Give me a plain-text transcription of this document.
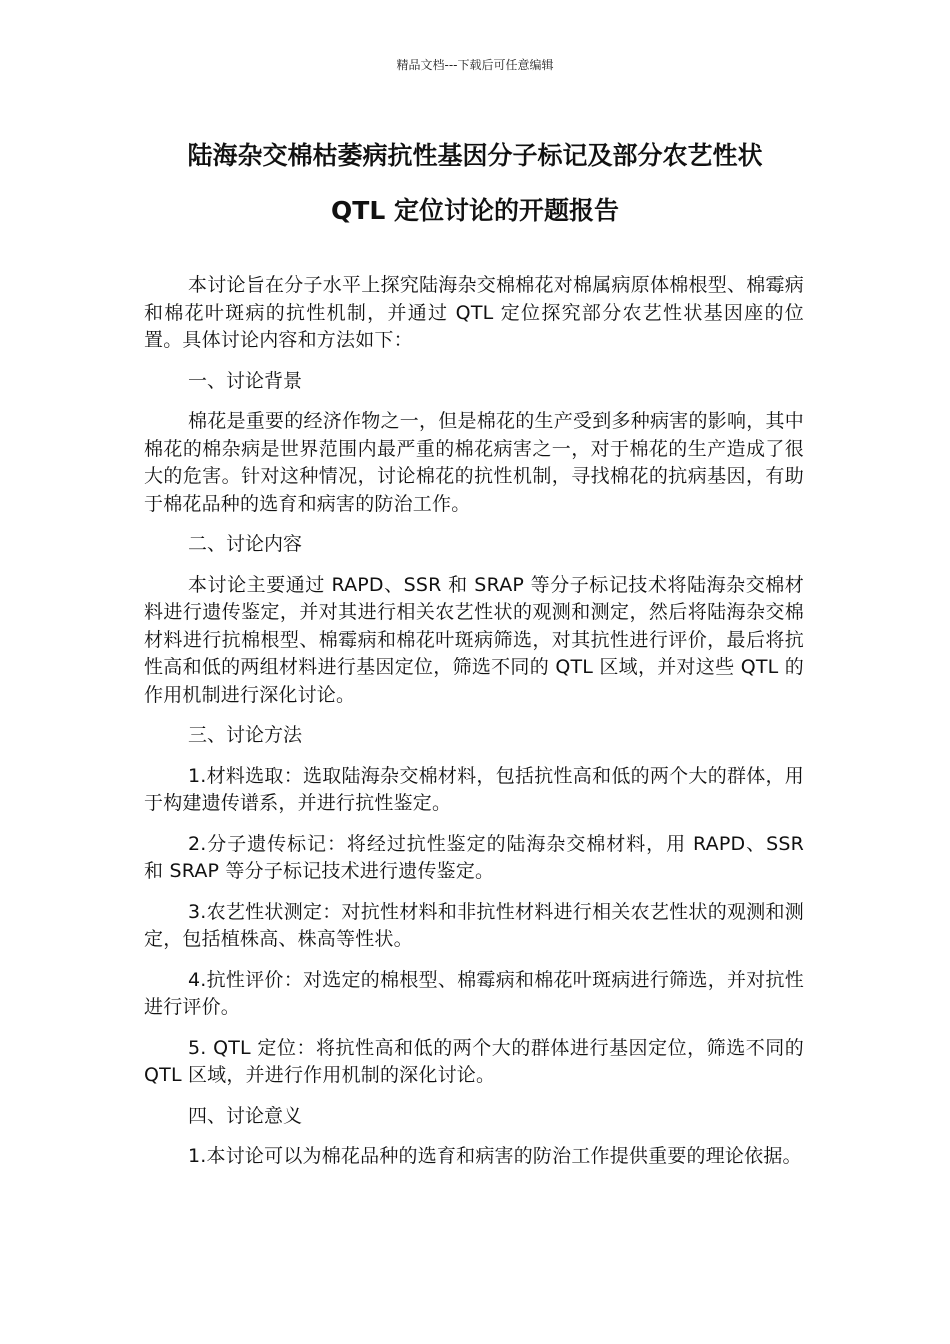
精品文档---下载后可任意编辑
陆海杂交棉枯萎病抗性基因分子标记及部分农艺性状
QTL 定位讨论的开题报告

本讨论旨在分子水平上探究陆海杂交棉棉花对棉属病原体棉根型、棉霉病和棉花叶斑病的抗性机制，并通过 QTL 定位探究部分农艺性状基因座的位置。具体讨论内容和方法如下：

一、讨论背景

棉花是重要的经济作物之一，但是棉花的生产受到多种病害的影响，其中棉花的棉杂病是世界范围内最严重的棉花病害之一，对于棉花的生产造成了很大的危害。针对这种情况，讨论棉花的抗性机制，寻找棉花的抗病基因，有助于棉花品种的选育和病害的防治工作。

二、讨论内容

本讨论主要通过 RAPD、SSR 和 SRAP 等分子标记技术将陆海杂交棉材料进行遗传鉴定，并对其进行相关农艺性状的观测和测定，然后将陆海杂交棉材料进行抗棉根型、棉霉病和棉花叶斑病筛选，对其抗性进行评价，最后将抗性高和低的两组材料进行基因定位，筛选不同的 QTL 区域，并对这些 QTL 的作用机制进行深化讨论。

三、讨论方法

1.材料选取：选取陆海杂交棉材料，包括抗性高和低的两个大的群体，用于构建遗传谱系，并进行抗性鉴定。

2.分子遗传标记：将经过抗性鉴定的陆海杂交棉材料，用 RAPD、SSR 和 SRAP 等分子标记技术进行遗传鉴定。

3.农艺性状测定：对抗性材料和非抗性材料进行相关农艺性状的观测和测定，包括植株高、株高等性状。

4.抗性评价：对选定的棉根型、棉霉病和棉花叶斑病进行筛选，并对抗性进行评价。

5. QTL 定位：将抗性高和低的两个大的群体进行基因定位，筛选不同的 QTL 区域，并进行作用机制的深化讨论。

四、讨论意义

1.本讨论可以为棉花品种的选育和病害的防治工作提供重要的理论依据。
